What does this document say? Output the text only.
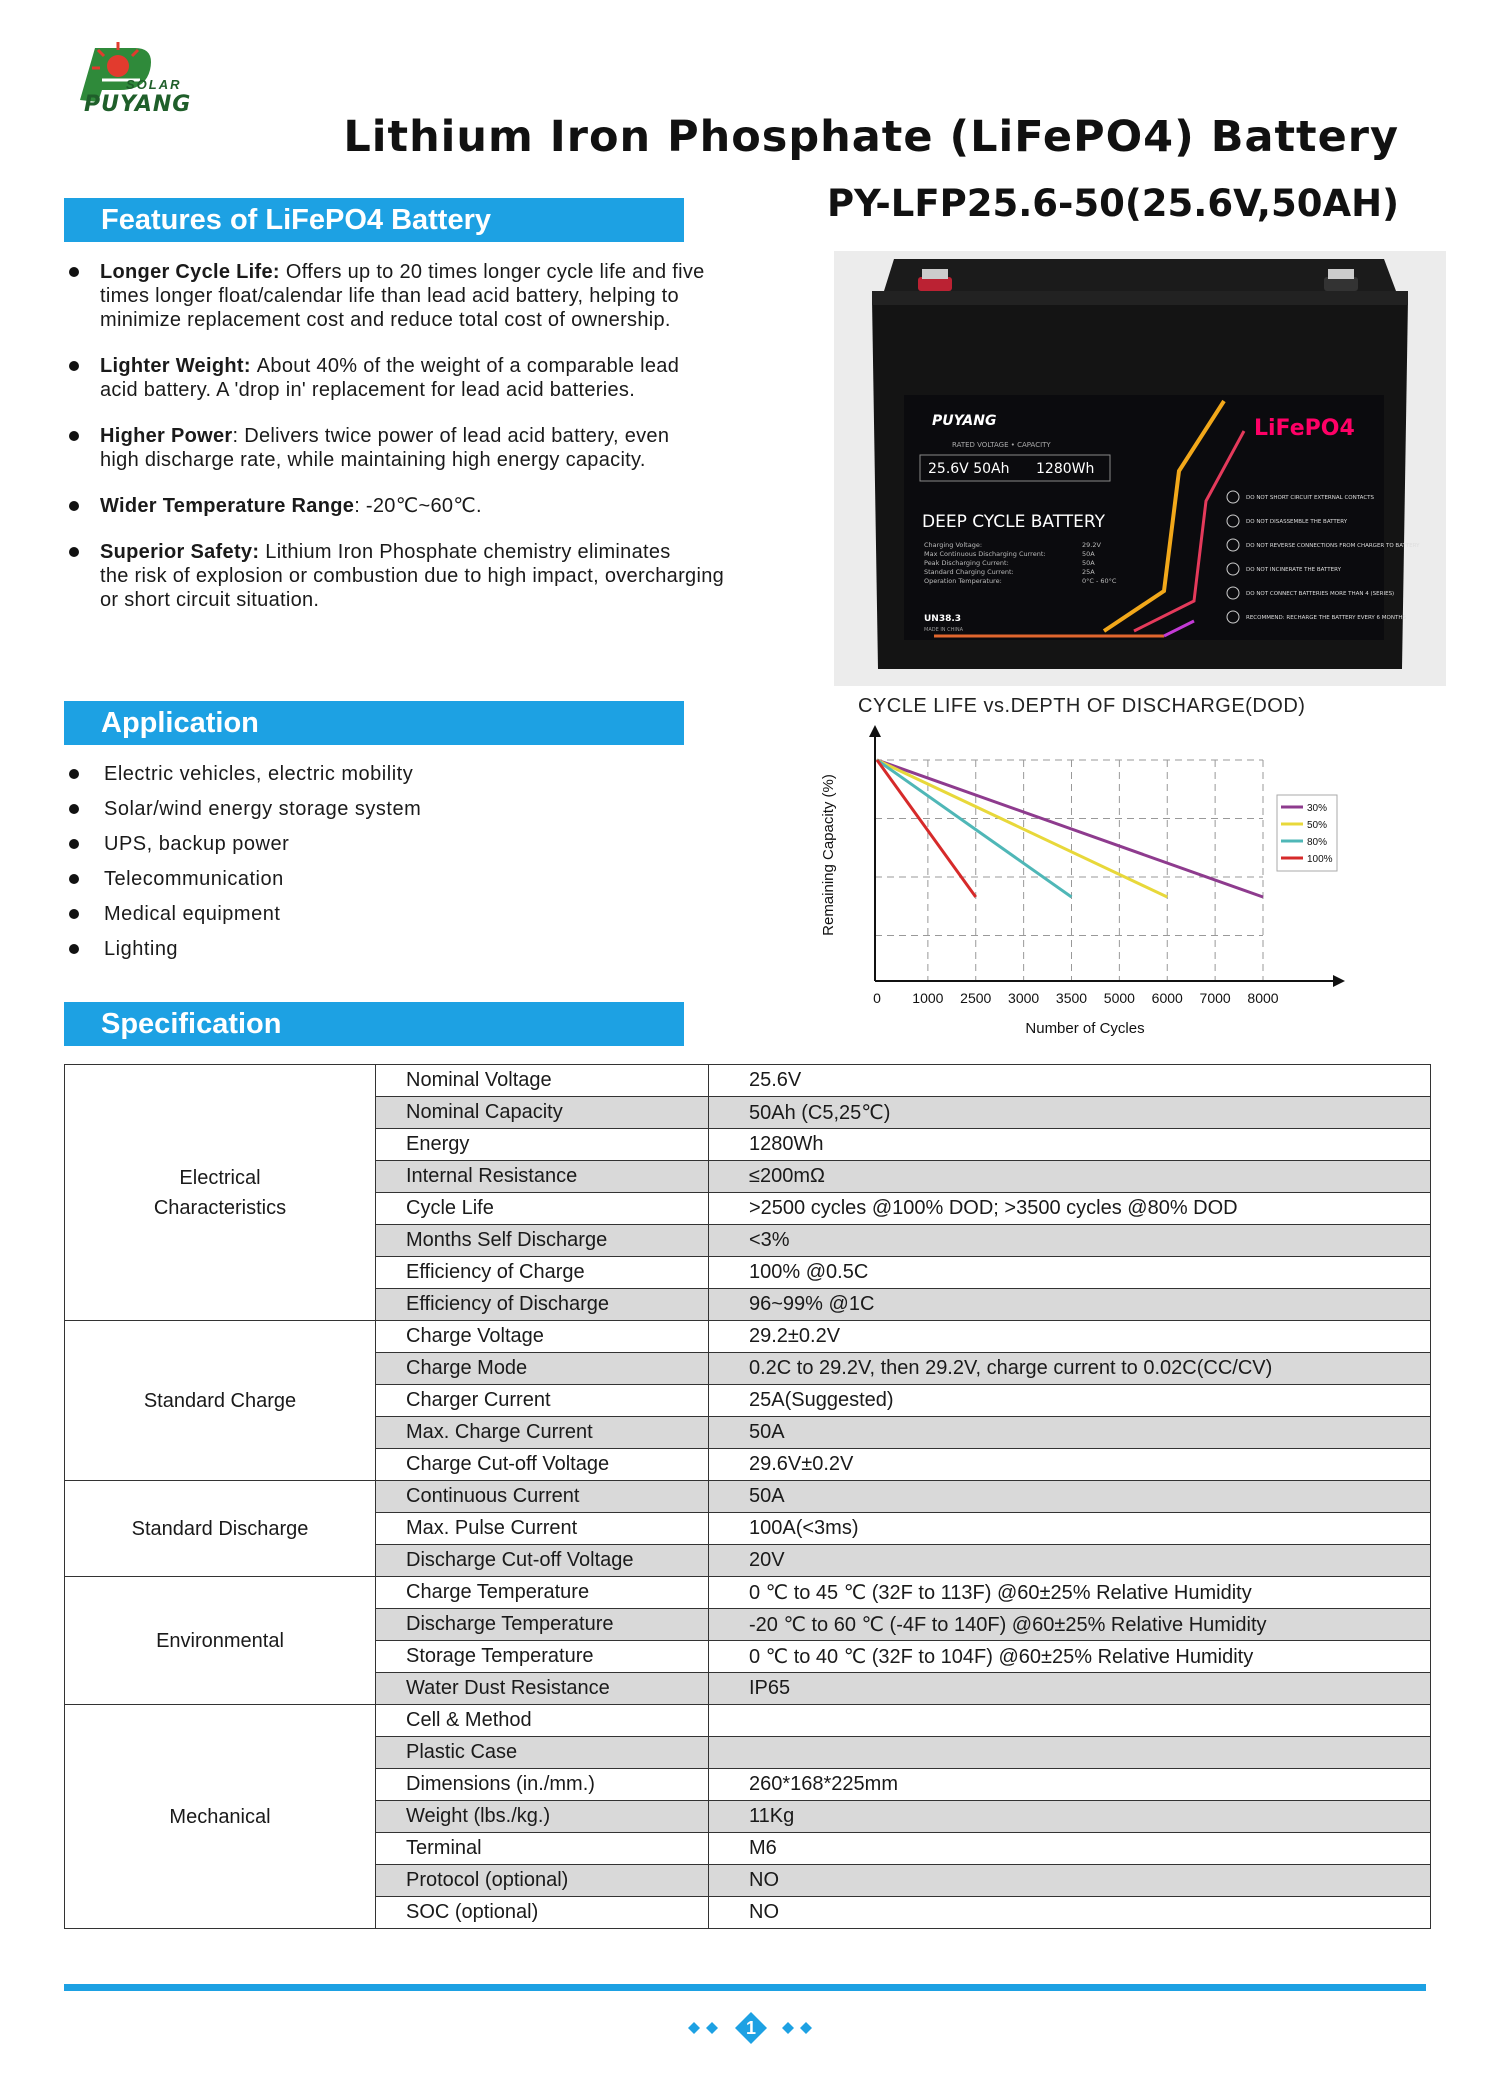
SOLAR
PUYANG
Lithium Iron Phosphate (LiFePO4) Battery
PY-LFP25.6-50(25.6V,50AH)
Features of LiFePO4 Battery
Longer Cycle Life: Offers up to 20 times longer cycle life and five
times longer float/calendar life than lead acid battery, helping to
minimize replacement cost and reduce total cost of ownership.
Lighter Weight: About 40% of the weight of a comparable lead
acid battery. A 'drop in' replacement for lead acid batteries.
Higher Power: Delivers twice power of lead acid battery, even
high discharge rate, while maintaining high energy capacity.
Wider Temperature Range: -20℃~60℃.
Superior Safety: Lithium Iron Phosphate chemistry eliminates
the risk of explosion or combustion due to high impact, overcharging
or short circuit situation.
PUYANG
RATED VOLTAGE • CAPACITY
25.6V 50Ah 1280Wh
DEEP CYCLE BATTERY
Charging Voltage:	29.2V
Max Continuous Discharging Current:	50A
Peak Discharging Current:	50A
Standard Charging Current:	25A
Operation Temperature:	0°C - 60°C
UN38.3
MADE IN CHINA
LiFePO4
DO NOT SHORT CIRCUIT EXTERNAL CONTACTS
DO NOT DISASSEMBLE THE BATTERY
DO NOT REVERSE CONNECTIONS FROM CHARGER TO BATTERY
DO NOT INCINERATE THE BATTERY
DO NOT CONNECT BATTERIES MORE THAN 4 (SERIES)
RECOMMEND: RECHARGE THE BATTERY EVERY 6 MONTHS
CYCLE LIFE vs.DEPTH OF DISCHARGE(DOD)
0 1000 2500 3000 3500 5000 6000 7000 8000
Number of Cycles
Remaining Capacity (%)	30%
50%
80%
100%
Application
Electric vehicles, electric mobility
Solar/wind energy storage system
UPS, backup power
Telecommunication
Medical equipment
Lighting
Specification
Electrical
Characteristics	Nominal Voltage	25.6V
	Nominal Capacity	50Ah (C5,25℃)
	Energy	1280Wh
	Internal Resistance	≤200mΩ
	Cycle Life	>2500 cycles @100% DOD; >3500 cycles @80% DOD
	Months Self Discharge	<3%
	Efficiency of Charge	100% @0.5C
	Efficiency of Discharge	96~99% @1C
Standard Charge	Charge Voltage	29.2±0.2V
	Charge Mode	0.2C to 29.2V, then 29.2V, charge current to 0.02C(CC/CV)
	Charger Current	25A(Suggested)
	Max. Charge Current	50A
	Charge Cut-off Voltage	29.6V±0.2V
Standard Discharge	Continuous Current	50A
	Max. Pulse Current	100A(<3ms)
	Discharge Cut-off Voltage	20V
Environmental	Charge Temperature	0 ℃ to 45 ℃ (32F to 113F) @60±25% Relative Humidity
	Discharge Temperature	-20 ℃ to 60 ℃ (-4F to 140F) @60±25% Relative Humidity
	Storage Temperature	0 ℃ to 40 ℃ (32F to 104F) @60±25% Relative Humidity
	Water Dust Resistance	IP65
Mechanical	Cell & Method	
	Plastic Case	
	Dimensions (in./mm.)	260*168*225mm
	Weight (lbs./kg.)	11Kg
	Terminal	M6
	Protocol (optional)	NO
	SOC (optional)	NO
1
